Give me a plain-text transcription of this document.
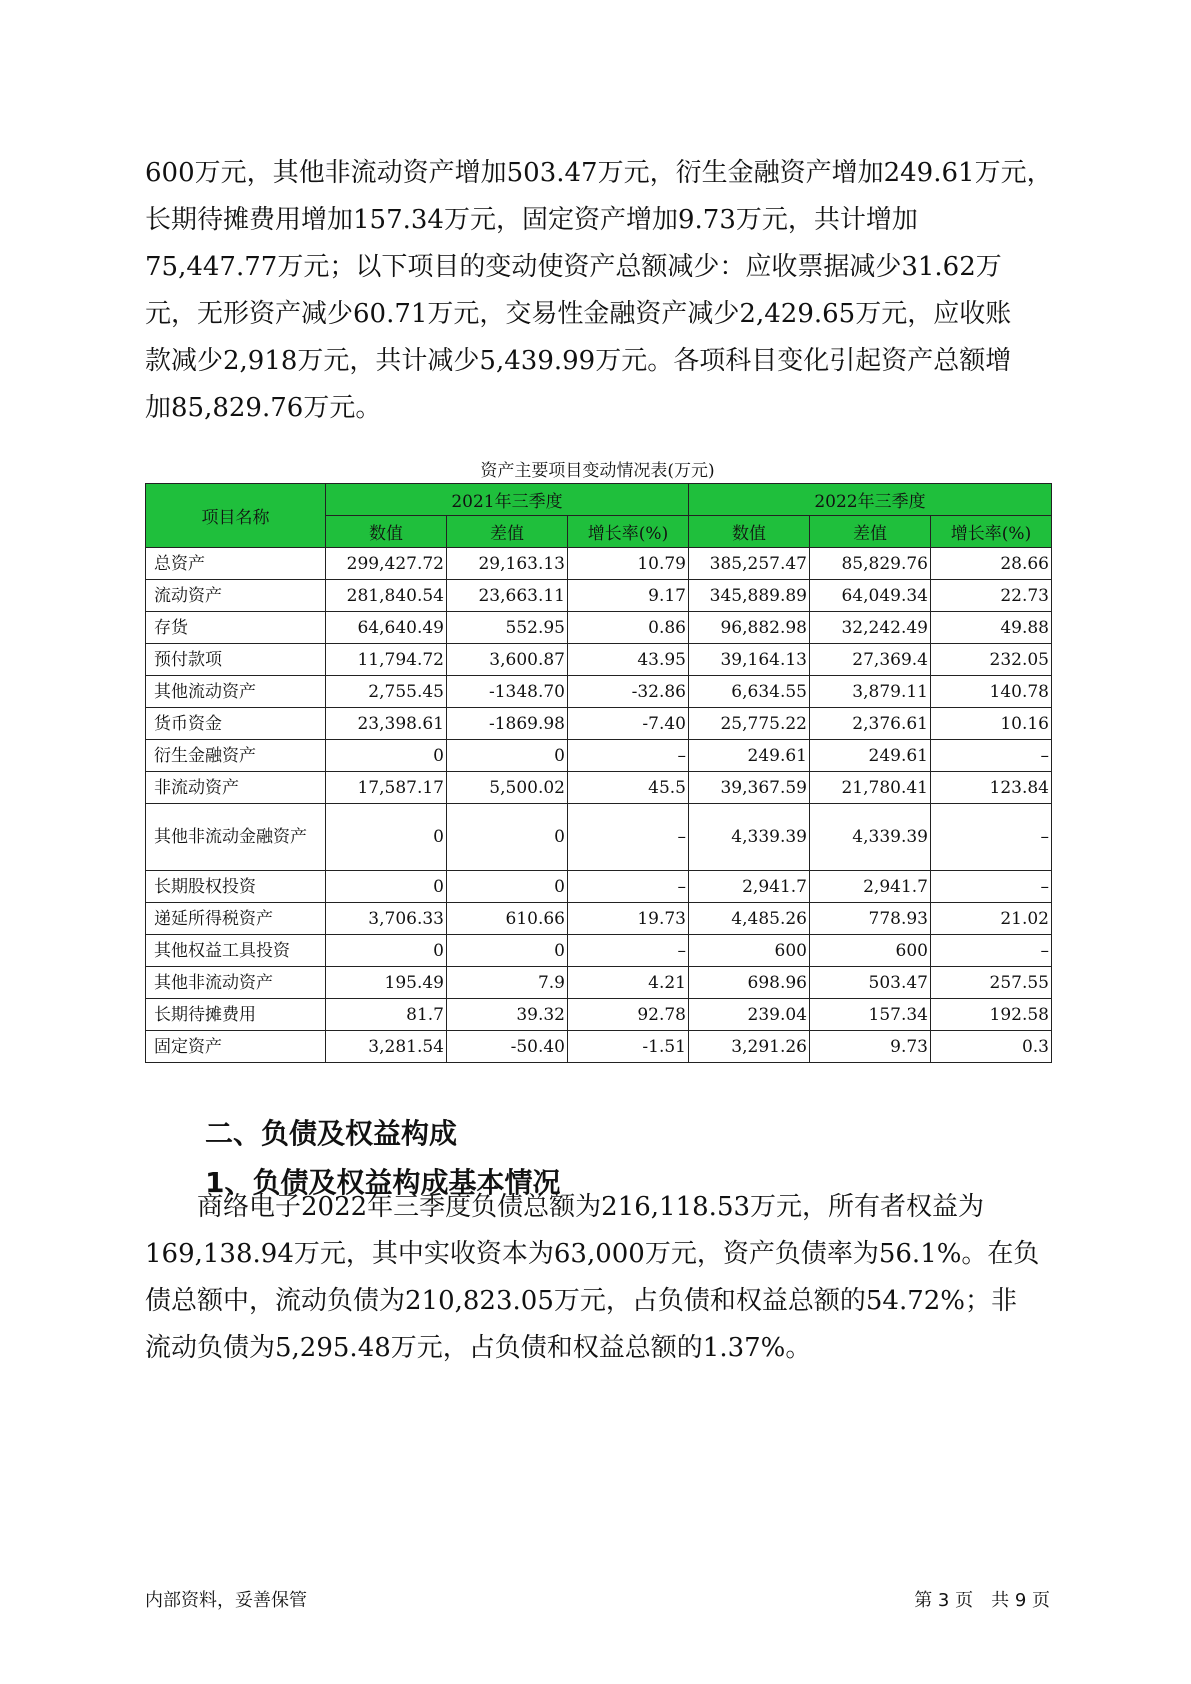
600万元，其他非流动资产增加503.47万元，衍生金融资产增加249.61万元，
长期待摊费用增加157.34万元，固定资产增加9.73万元，共计增加
75,447.77万元；以下项目的变动使资产总额减少：应收票据减少31.62万
元，无形资产减少60.71万元，交易性金融资产减少2,429.65万元，应收账
款减少2,918万元，共计减少5,439.99万元。各项科目变化引起资产总额增
加85,829.76万元。

资产主要项目变动情况表(万元)
项目名称	2021年三季度			2022年三季度		
	数值	差值	增长率(%)	数值	差值	增长率(%)
总资产	299,427.72	29,163.13	10.79	385,257.47	85,829.76	28.66
流动资产	281,840.54	23,663.11	9.17	345,889.89	64,049.34	22.73
存货	64,640.49	552.95	0.86	96,882.98	32,242.49	49.88
预付款项	11,794.72	3,600.87	43.95	39,164.13	27,369.4	232.05
其他流动资产	2,755.45	-1348.70	-32.86	6,634.55	3,879.11	140.78
货币资金	23,398.61	-1869.98	-7.40	25,775.22	2,376.61	10.16
衍生金融资产	0	0	–	249.61	249.61	–
非流动资产	17,587.17	5,500.02	45.5	39,367.59	21,780.41	123.84
其他非流动金融资产	0	0	–	4,339.39	4,339.39	–
长期股权投资	0	0	–	2,941.7	2,941.7	–
递延所得税资产	3,706.33	610.66	19.73	4,485.26	778.93	21.02
其他权益工具投资	0	0	–	600	600	–
其他非流动资产	195.49	7.9	4.21	698.96	503.47	257.55
长期待摊费用	81.7	39.32	92.78	239.04	157.34	192.58
固定资产	3,281.54	-50.40	-1.51	3,291.26	9.73	0.3
二、负债及权益构成
1、负债及权益构成基本情况

　　商络电子2022年三季度负债总额为216,118.53万元，所有者权益为
169,138.94万元，其中实收资本为63,000万元，资产负债率为56.1%。在负
债总额中，流动负债为210,823.05万元，占负债和权益总额的54.72%；非
流动负债为5,295.48万元，占负债和权益总额的1.37%。

内部资料，妥善保管	第 3 页　共 9 页
